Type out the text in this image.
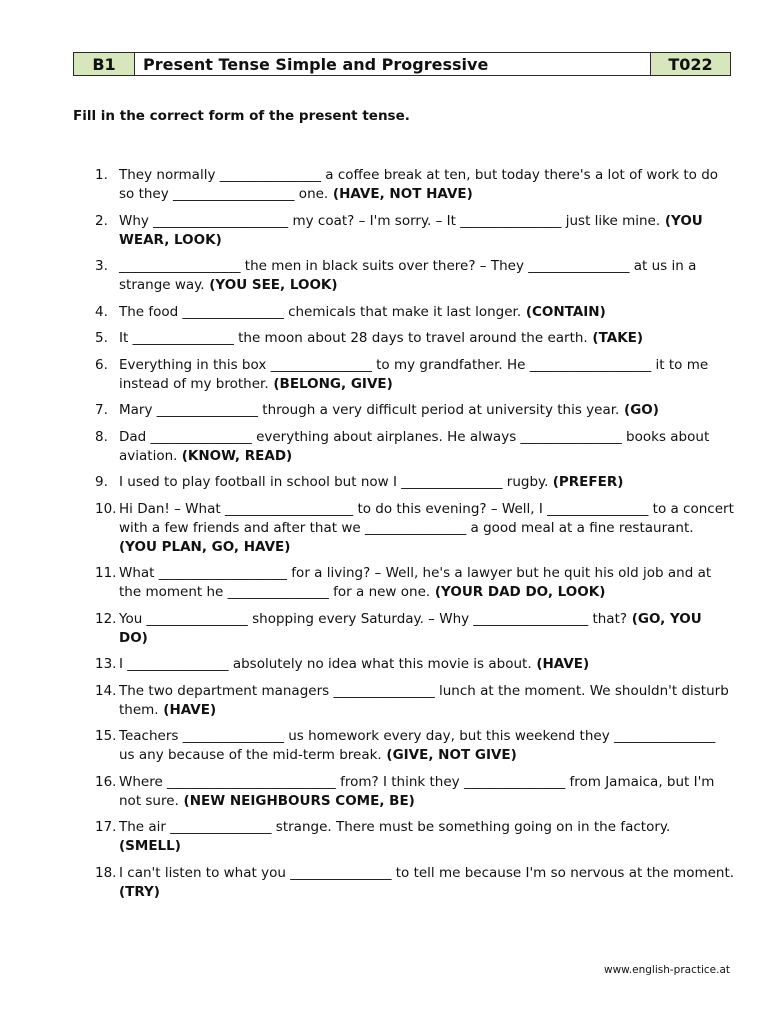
B1	Present Tense Simple and Progressive	T022
Fill in the correct form of the present tense.
1. They normally _______________ a coffee break at ten, but today there's a lot of work to do so they __________________ one. (HAVE, NOT HAVE)
2. Why ____________________ my coat? – I'm sorry. – It _______________ just like mine. (YOU WEAR, LOOK)
3. __________________ the men in black suits over there? – They _______________ at us in a strange way. (YOU SEE, LOOK)
4. The food _______________ chemicals that make it last longer. (CONTAIN)
5. It _______________ the moon about 28 days to travel around the earth. (TAKE)
6. Everything in this box _______________ to my grandfather. He __________________ it to me instead of my brother. (BELONG, GIVE)
7. Mary _______________ through a very difficult period at university this year. (GO)
8. Dad _______________ everything about airplanes. He always _______________ books about aviation. (KNOW, READ)
9. I used to play football in school but now I _______________ rugby. (PREFER)
10. Hi Dan! – What ___________________ to do this evening? – Well, I _______________ to a concert with a few friends and after that we _______________ a good meal at a fine restaurant. (YOU PLAN, GO, HAVE)
11. What ___________________ for a living? – Well, he's a lawyer but he quit his old job and at the moment he _______________ for a new one. (YOUR DAD DO, LOOK)
12. You _______________ shopping every Saturday. – Why _________________ that? (GO, YOU DO)
13. I _______________ absolutely no idea what this movie is about. (HAVE)
14. The two department managers _______________ lunch at the moment. We shouldn't disturb them. (HAVE)
15. Teachers _______________ us homework every day, but this weekend they _______________ us any because of the mid-term break. (GIVE, NOT GIVE)
16. Where _________________________ from? I think they _______________ from Jamaica, but I'm not sure. (NEW NEIGHBOURS COME, BE)
17. The air _______________ strange. There must be something going on in the factory. (SMELL)
18. I can't listen to what you _______________ to tell me because I'm so nervous at the moment. (TRY)
www.english-practice.at
